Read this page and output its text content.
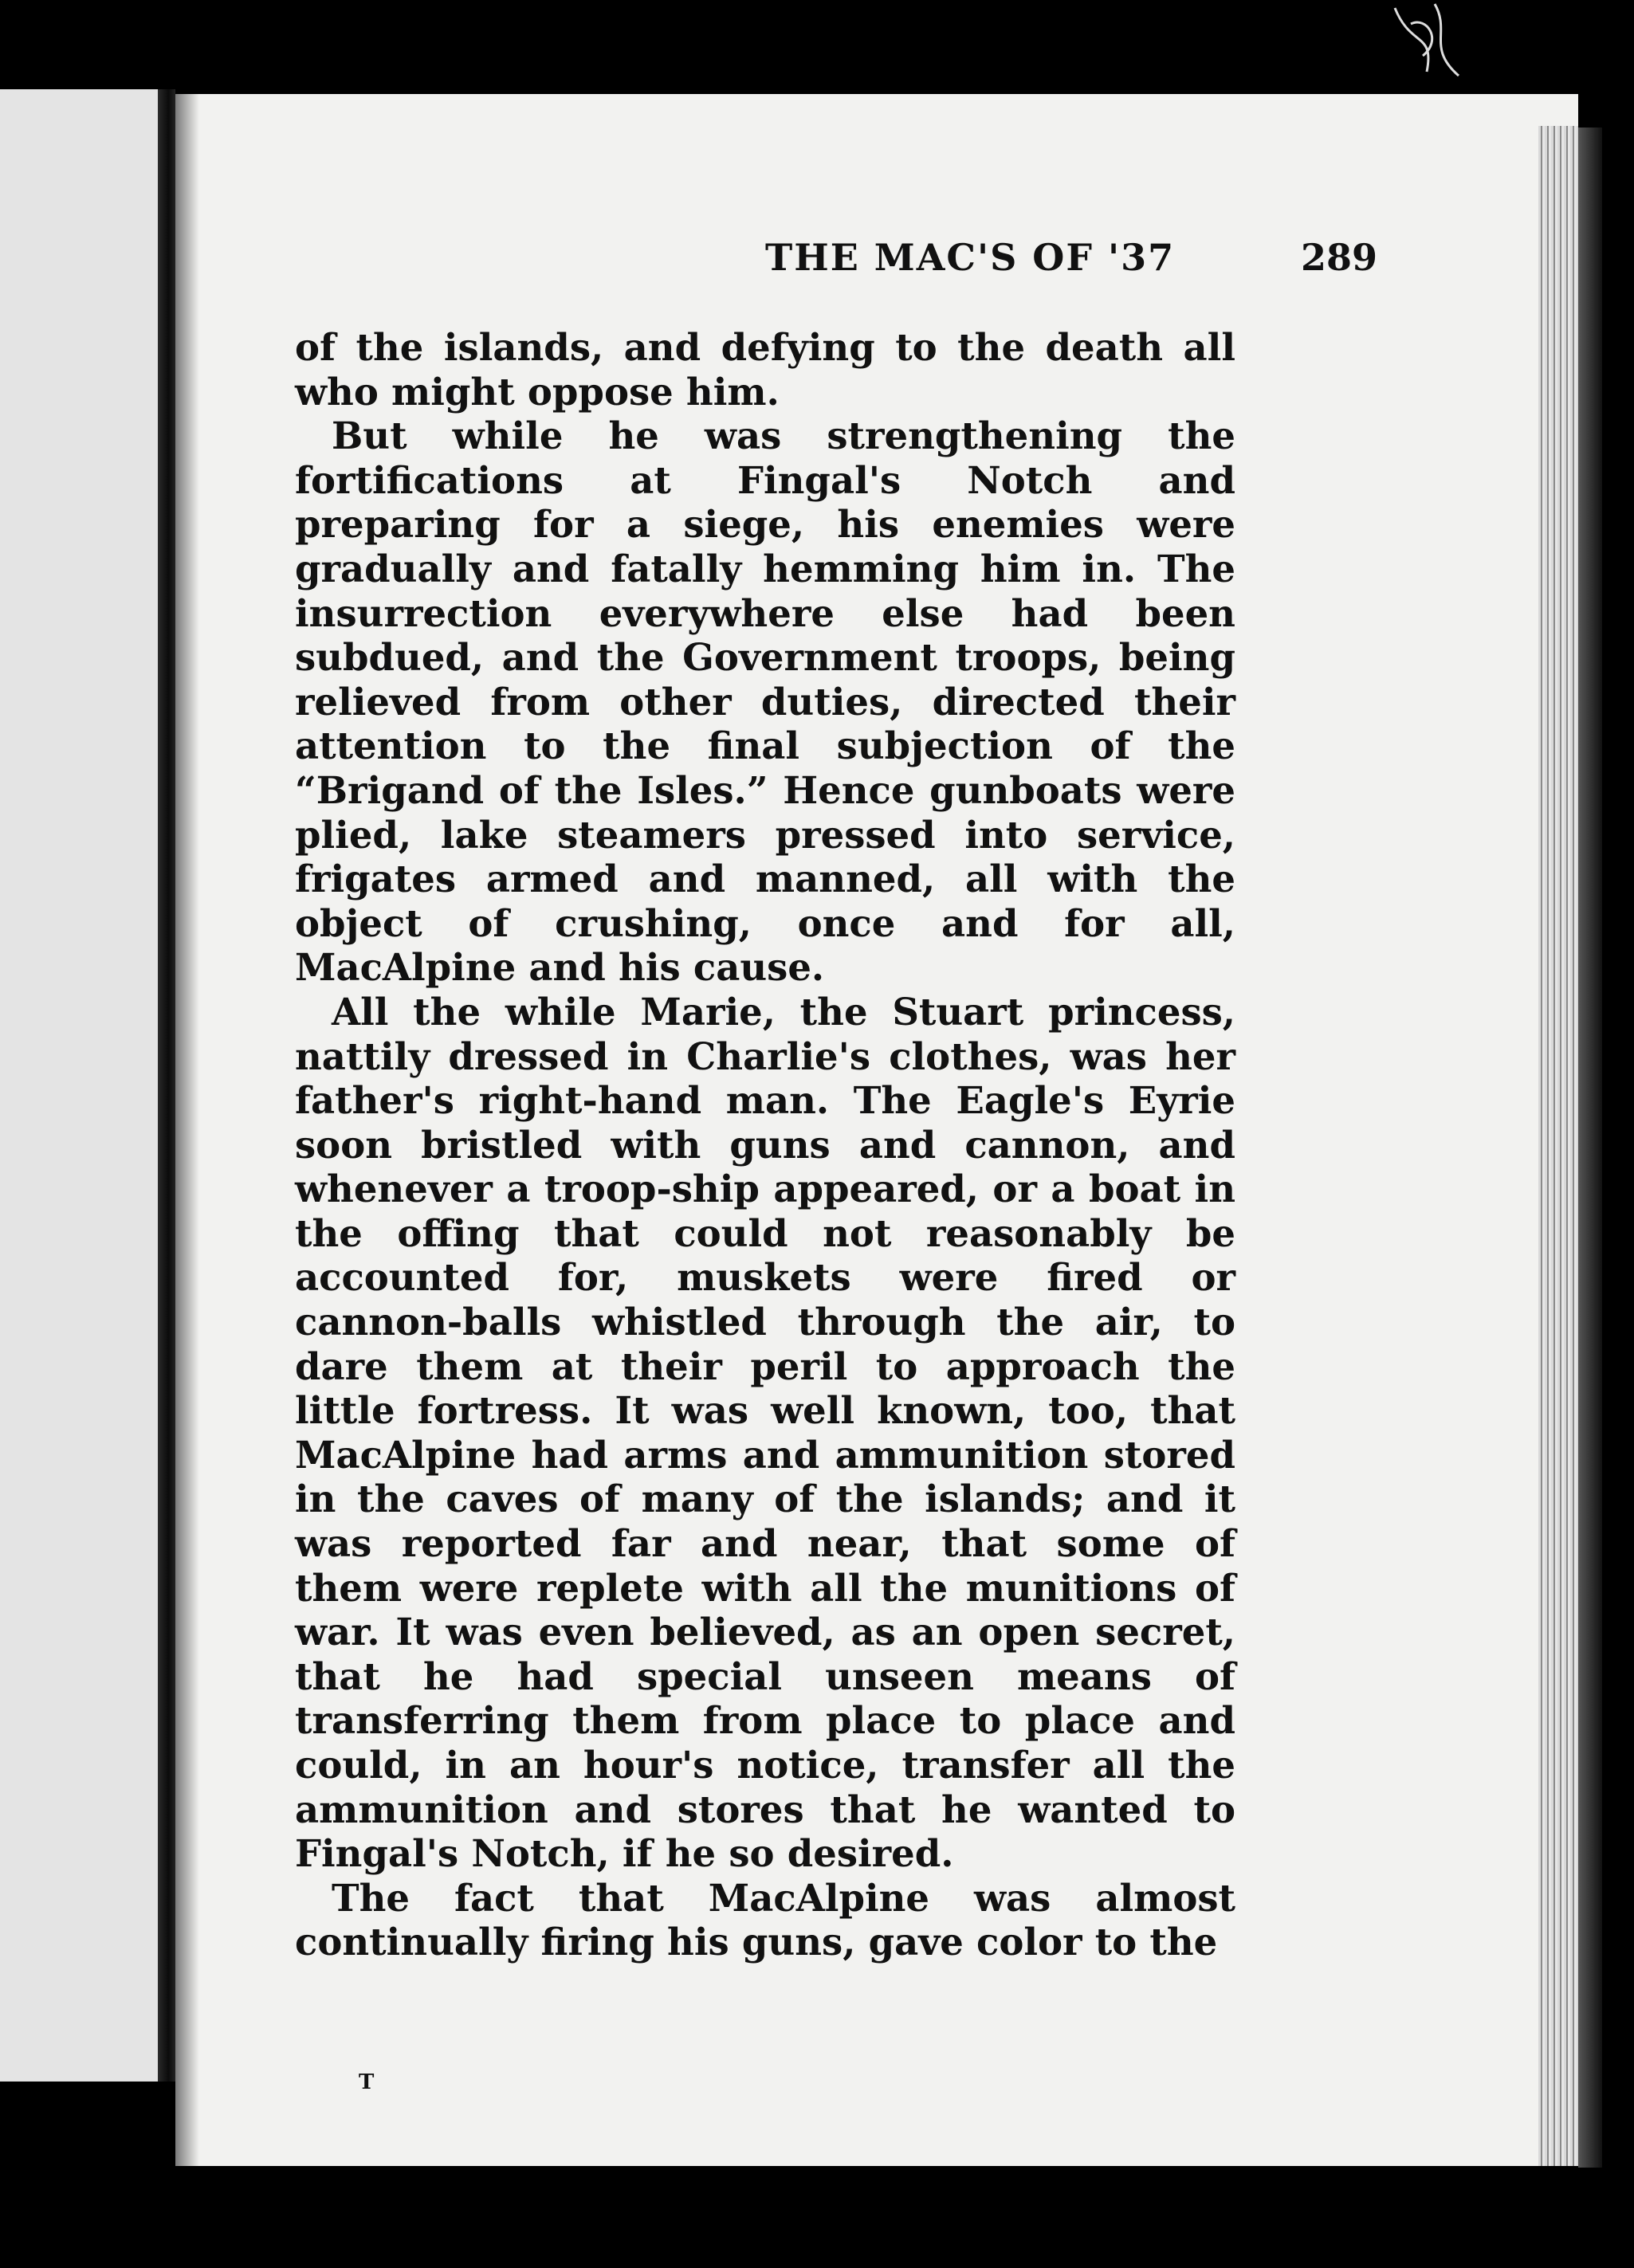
THE MAC'S OF '37	289

of the islands, and defying to the death all who might oppose him.

But while he was strengthening the fortifications at Fingal's Notch and preparing for a siege, his enemies were gradually and fatally hemming him in. The insurrection everywhere else had been subdued, and the Government troops, being relieved from other duties, directed their attention to the final subjection of the “Brigand of the Isles.” Hence gunboats were plied, lake steamers pressed into service, frigates armed and manned, all with the object of crushing, once and for all, MacAlpine and his cause.

All the while Marie, the Stuart princess, nattily dressed in Charlie's clothes, was her father's right-hand man. The Eagle's Eyrie soon bristled with guns and cannon, and whenever a troop-ship appeared, or a boat in the offing that could not reasonably be accounted for, muskets were fired or cannon-balls whistled through the air, to dare them at their peril to approach the little fortress. It was well known, too, that MacAlpine had arms and ammunition stored in the caves of many of the islands; and it was reported far and near, that some of them were replete with all the munitions of war. It was even believed, as an open secret, that he had special unseen means of transferring them from place to place and could, in an hour's notice, transfer all the ammunition and stores that he wanted to Fingal's Notch, if he so desired.

The fact that MacAlpine was almost continually firing his guns, gave color to the

T
